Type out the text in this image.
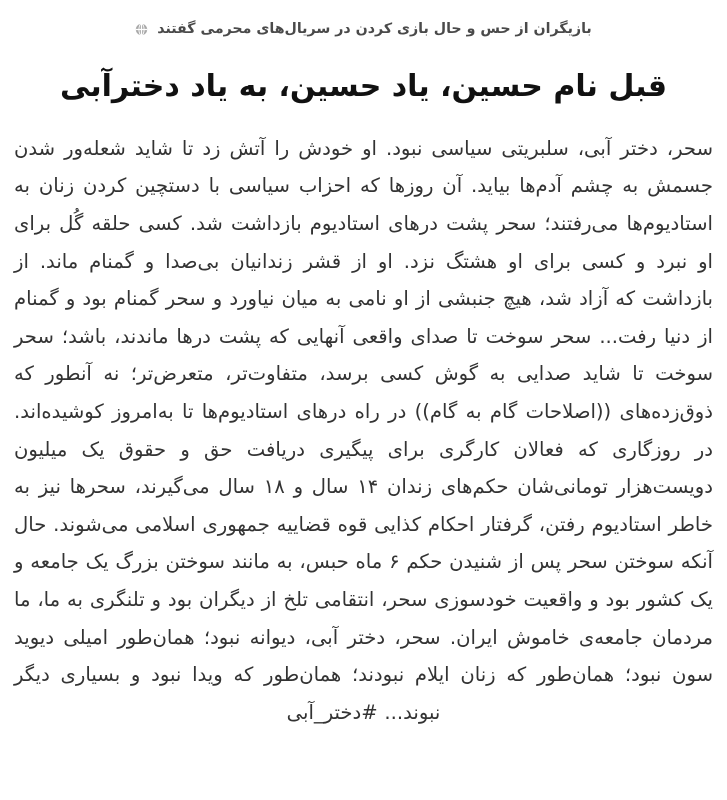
بازیگران از حس و حال بازی کردن در سریال‌های محرمی گفتند
قبل نام حسین، یاد حسین، به یاد دخترآبی

سحر، دختر آبی، سلبریتی سیاسی نبود. او خودش را آتش زد تا شاید شعله‌ور شدن جسمش به چشم آدم‌ها بیاید. آن روزها که احزاب سیاسی با دستچین کردن زنان به استادیوم‌ها می‌رفتند؛ سحر پشت درهای استادیوم بازداشت شد. کسی حلقه گُل برای او نبرد و کسی برای او هشتگ نزد. او از قشر زندانیان بی‌صدا و گمنام ماند. از بازداشت که آزاد شد، هیچ جنبشی از او نامی به میان نیاورد و سحر گمنام بود و گمنام از دنیا رفت... سحر سوخت تا صدای واقعی آنهایی که پشت درها ماندند، باشد؛ سحر سوخت تا شاید صدایی به گوش کسی برسد، متفاوت‌تر، متعرض‌تر؛ نه آنطور که ذوق‌زده‌های ((اصلاحات گام به گام)) در راه درهای استادیوم‌ها تا به‌امروز کوشیده‌اند. در روزگاری که فعالان کارگری برای پیگیری دریافت حق و حقوق یک میلیون دویست‌هزار تومانی‌شان حکم‌های زندان ۱۴ سال و ۱۸ سال می‌گیرند، سحرها نیز به خاطر استادیوم رفتن، گرفتار احکام کذایی قوه قضاییه جمهوری اسلامی می‌شوند. حال آنکه سوختن سحر پس از شنیدن حکم ۶ ماه حبس، به مانند سوختن بزرگ یک جامعه و یک کشور بود و واقعیت خودسوزی سحر، انتقامی تلخ از دیگران بود و تلنگری به ما، ما مردمان جامعه‌ی خاموش ایران. سحر، دختر آبی، دیوانه نبود؛ همان‌طور امیلی دیوید سون نبود؛ همان‌طور که زنان ایلام نبودند؛ همان‌طور که ویدا نبود و بسیاری دیگر نبوند... #دختر_آبی
